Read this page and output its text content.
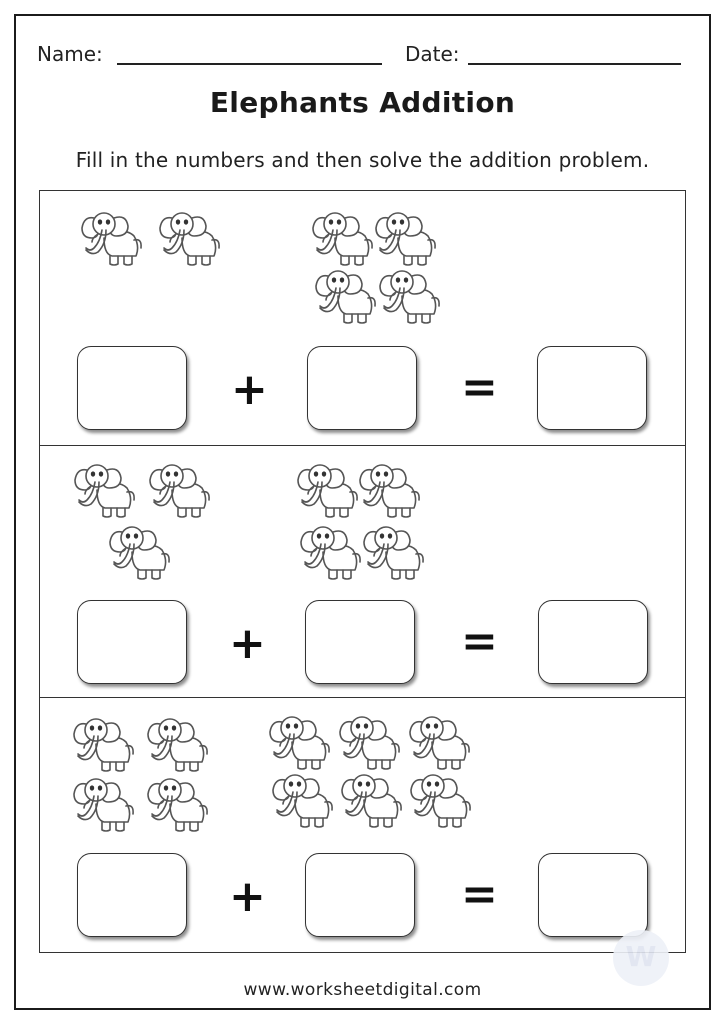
Name:	Date:
Elephants Addition
Fill in the numbers and then solve the addition problem.
+	=
+	=
+	=
W
www.worksheetdigital.com
